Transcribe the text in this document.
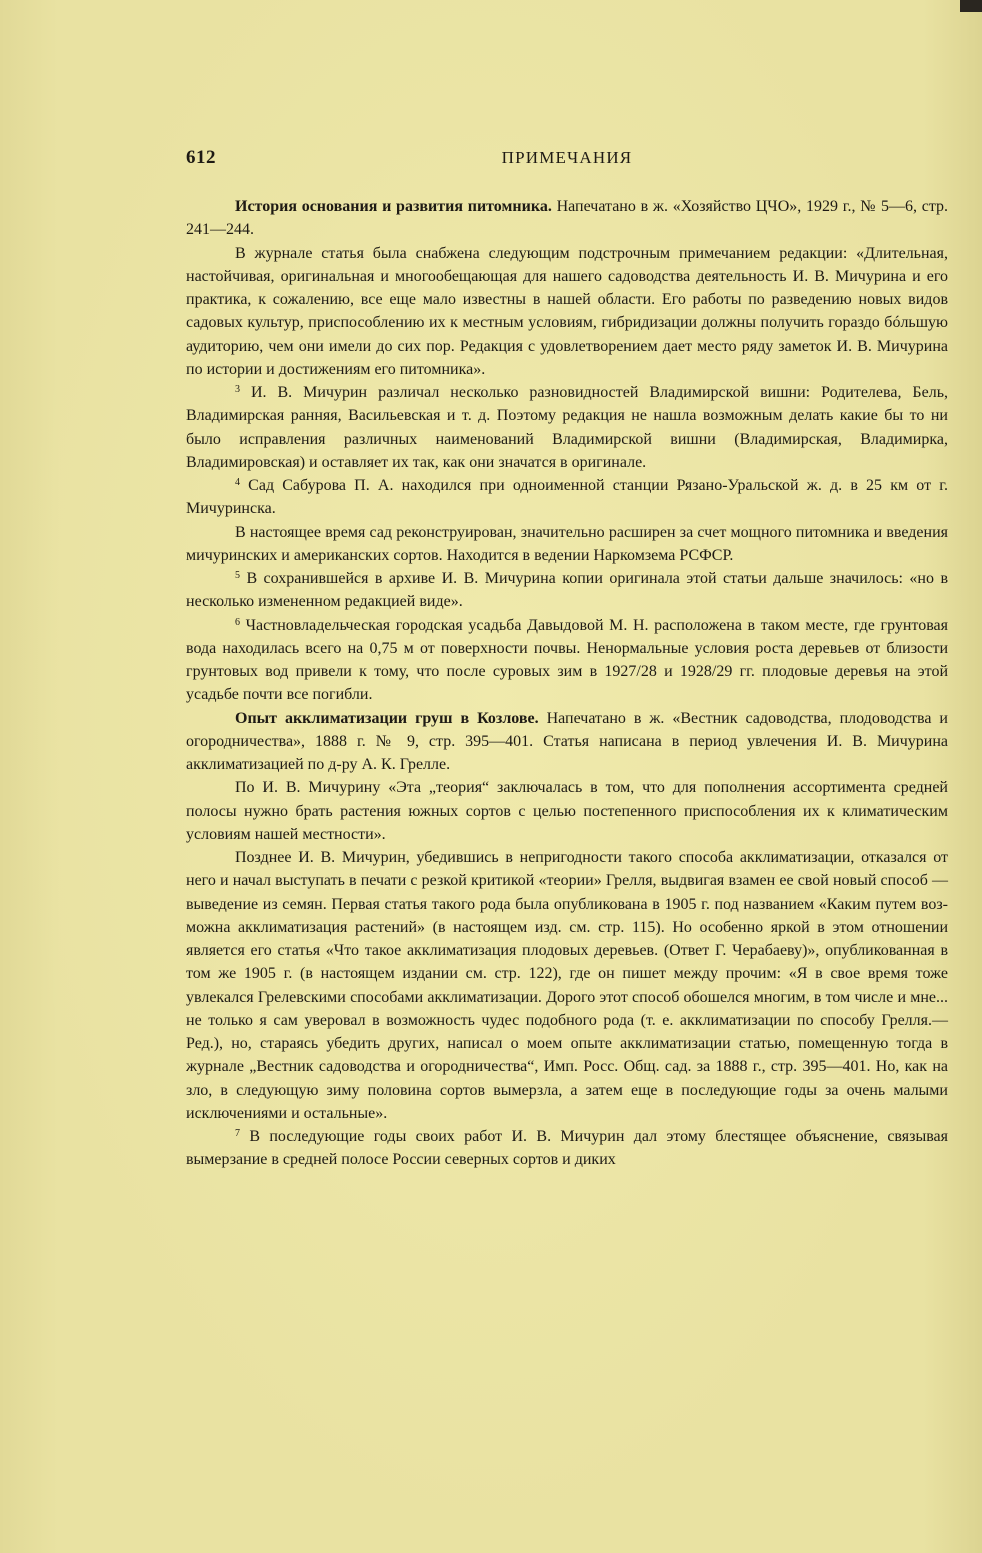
612	ПРИМЕЧАНИЯ

История основания и развития питомника. Напечатано в ж. «Хозяйство ЦЧО», 1929 г., № 5—6, стр. 241—244.

В журнале статья была снабжена следующим подстрочным примечанием редакции: «Длительная, настойчивая, оригинальная и многообещающая для нашего садоводства деятельность И. В. Мичурина и его практика, к сожалению, все еще мало известны в нашей области. Его работы по разведению новых видов садовых культур, приспособлению их к местным условиям, гибридизации должны получить гораздо бóльшую аудиторию, чем они имели до сих пор. Редакция с удовлетворением дает место ряду заметок И. В. Мичурина по истории и достижениям его питомника».

$^3$ И. В. Мичурин различал несколько разновидностей Владимирской вишни: Родителева, Бель, Владимирская ранняя, Васильевская и т. д. Поэтому редакция не нашла возможным делать какие бы то ни было исправления различных наименований Владимирской вишни (Владимирская, Владимирка, Владимировская) и оставляет их так, как они значатся в оригинале.

$^4$ Сад Сабурова П. А. находился при одноименной станции Рязано-Уральской ж. д. в 25 км от г. Мичуринска.

В настоящее время сад реконструирован, значительно расширен за счет мощного питомника и введения мичуринских и американских сортов. Находится в ведении Наркомзема РСФСР.

$^5$ В сохранившейся в архиве И. В. Мичурина копии оригинала этой статьи дальше значилось: «но в несколько измененном редакцией виде».

$^6$ Частновладельческая городская усадьба Давыдовой М. Н. расположена в таком месте, где грунтовая вода находилась всего на 0,75 м от поверхности почвы. Ненормальные условия роста деревьев от близости грунтовых вод привели к тому, что после суровых зим в 1927/28 и 1928/29 гг. плодовые деревья на этой усадьбе почти все погибли.

Опыт акклиматизации груш в Козлове. Напечатано в ж. «Вестник садоводства, плодоводства и огородничества», 1888 г. № 9, стр. 395—401. Статья написана в период увлечения И. В. Мичурина акклиматизацией по д-ру А. К. Грелле.

По И. В. Мичурину «Эта „теория“ заключалась в том, что для пополнения ассортимента средней полосы нужно брать растения южных сортов с целью постепенного приспособления их к климатическим условиям нашей местности».

Позднее И. В. Мичурин, убедившись в непригодности такого способа акклиматизации, отказался от него и начал выступать в печати с резкой критикой «теории» Грелля, выдвигая взамен ее свой новый способ — выведение из семян. Первая статья такого рода была опубликована в 1905 г. под названием «Каким путем возможна акклиматизация растений» (в настоящем изд. см. стр. 115). Но особенно яркой в этом отношении является его статья «Что такое акклиматизация плодовых деревьев. (Ответ Г. Черабаеву)», опубликованная в том же 1905 г. (в настоящем издании см. стр. 122), где он пишет между прочим: «Я в свое время тоже увлекался Грелевскими способами акклиматизации. Дорого этот способ обошелся многим, в том числе и мне... не только я сам уверовал в возможность чудес подобного рода (т. е. акклиматизации по способу Грелля.— Ред.), но, стараясь убедить других, написал о моем опыте акклиматизации статью, помещенную тогда в журнале „Вестник садоводства и огородничества“, Имп. Росс. Общ. сад. за 1888 г., стр. 395—401. Но, как на зло, в следующую зиму половина сортов вымерзла, а затем еще в последующие годы за очень малыми исключениями и остальные».

$^7$ В последующие годы своих работ И. В. Мичурин дал этому блестящее объяснение, связывая вымерзание в средней полосе России северных сортов и диких
